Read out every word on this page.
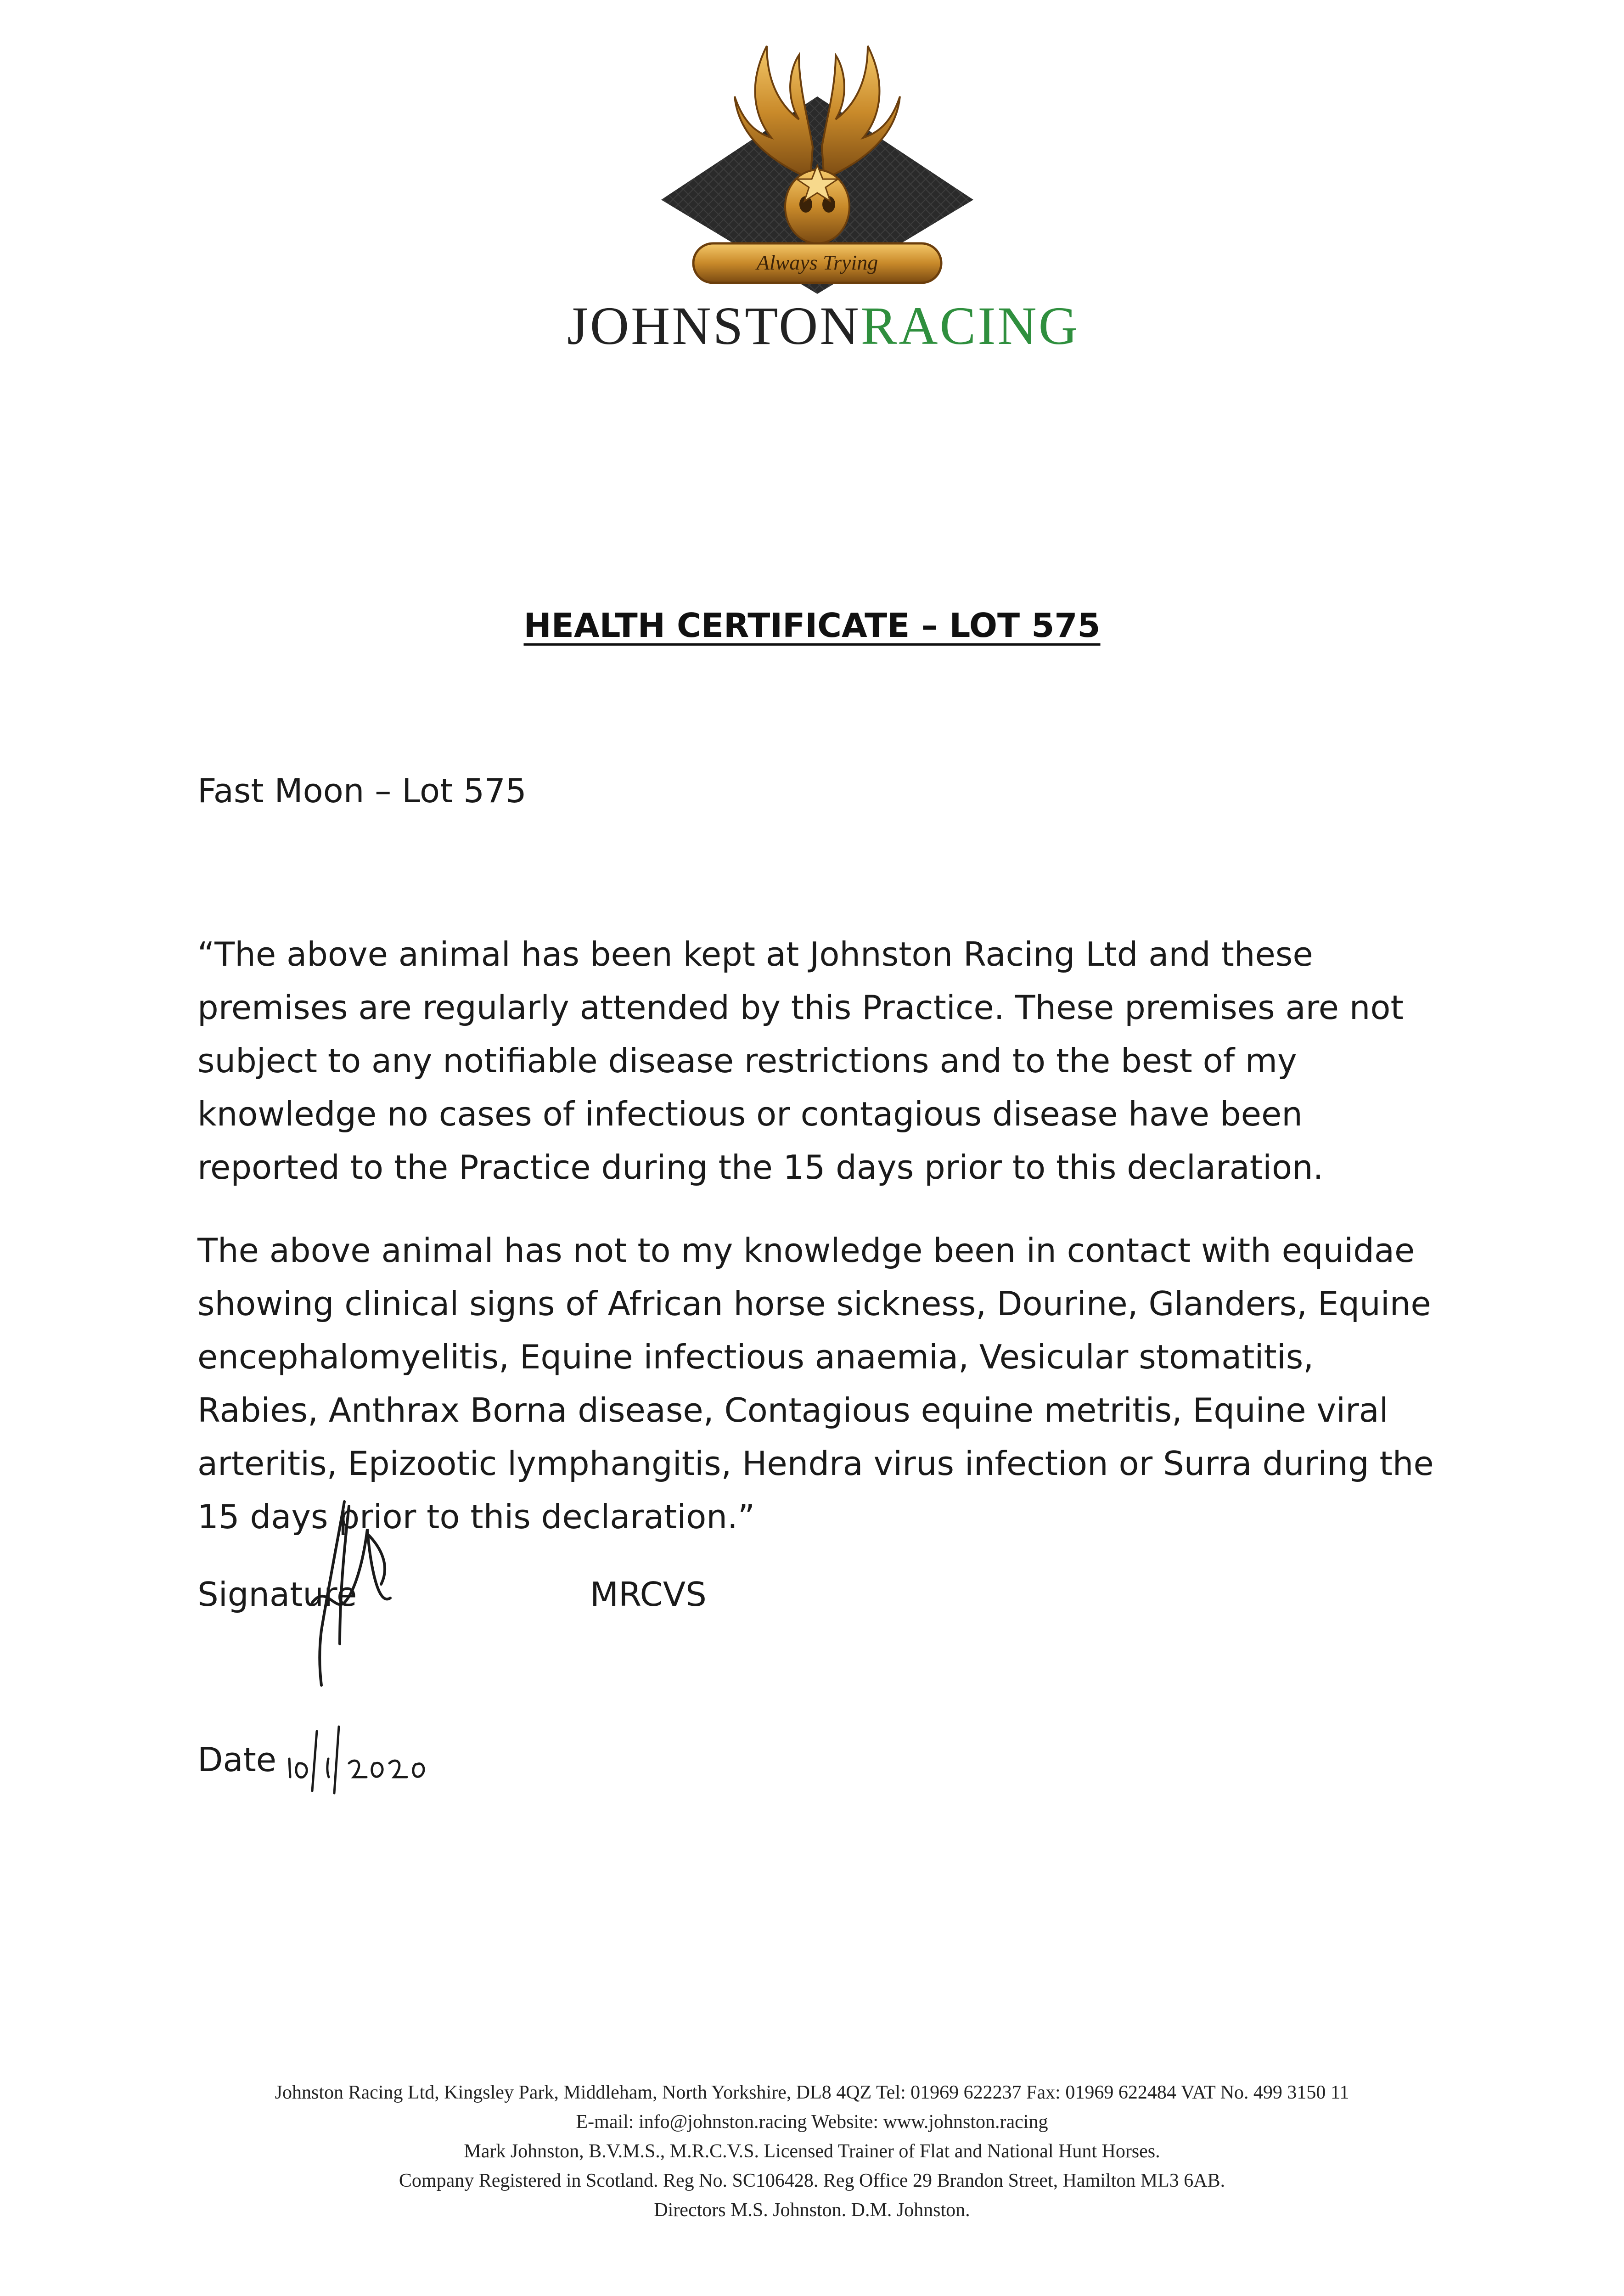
Always Trying
JOHNSTONRACING
HEALTH CERTIFICATE – LOT 575
Fast Moon – Lot 575
“The above animal has been kept at Johnston Racing Ltd and these premises are regularly attended by this Practice. These premises are not subject to any notifiable disease restrictions and to the best of my knowledge no cases of infectious or contagious disease have been reported to the Practice during the 15 days prior to this declaration.
The above animal has not to my knowledge been in contact with equidae showing clinical signs of African horse sickness, Dourine, Glanders, Equine encephalomyelitis, Equine infectious anaemia, Vesicular stomatitis, Rabies, Anthrax Borna disease, Contagious equine metritis, Equine viral arteritis, Epizootic lymphangitis, Hendra virus infection or Surra during the 15 days prior to this declaration.”
Signature	MRCVS
Date
Johnston Racing Ltd, Kingsley Park, Middleham, North Yorkshire, DL8 4QZ Tel: 01969 622237 Fax: 01969 622484 VAT No. 499 3150 11
E-mail: info@johnston.racing Website: www.johnston.racing
Mark Johnston, B.V.M.S., M.R.C.V.S. Licensed Trainer of Flat and National Hunt Horses.
Company Registered in Scotland. Reg No. SC106428. Reg Office 29 Brandon Street, Hamilton ML3 6AB.
Directors M.S. Johnston. D.M. Johnston.
